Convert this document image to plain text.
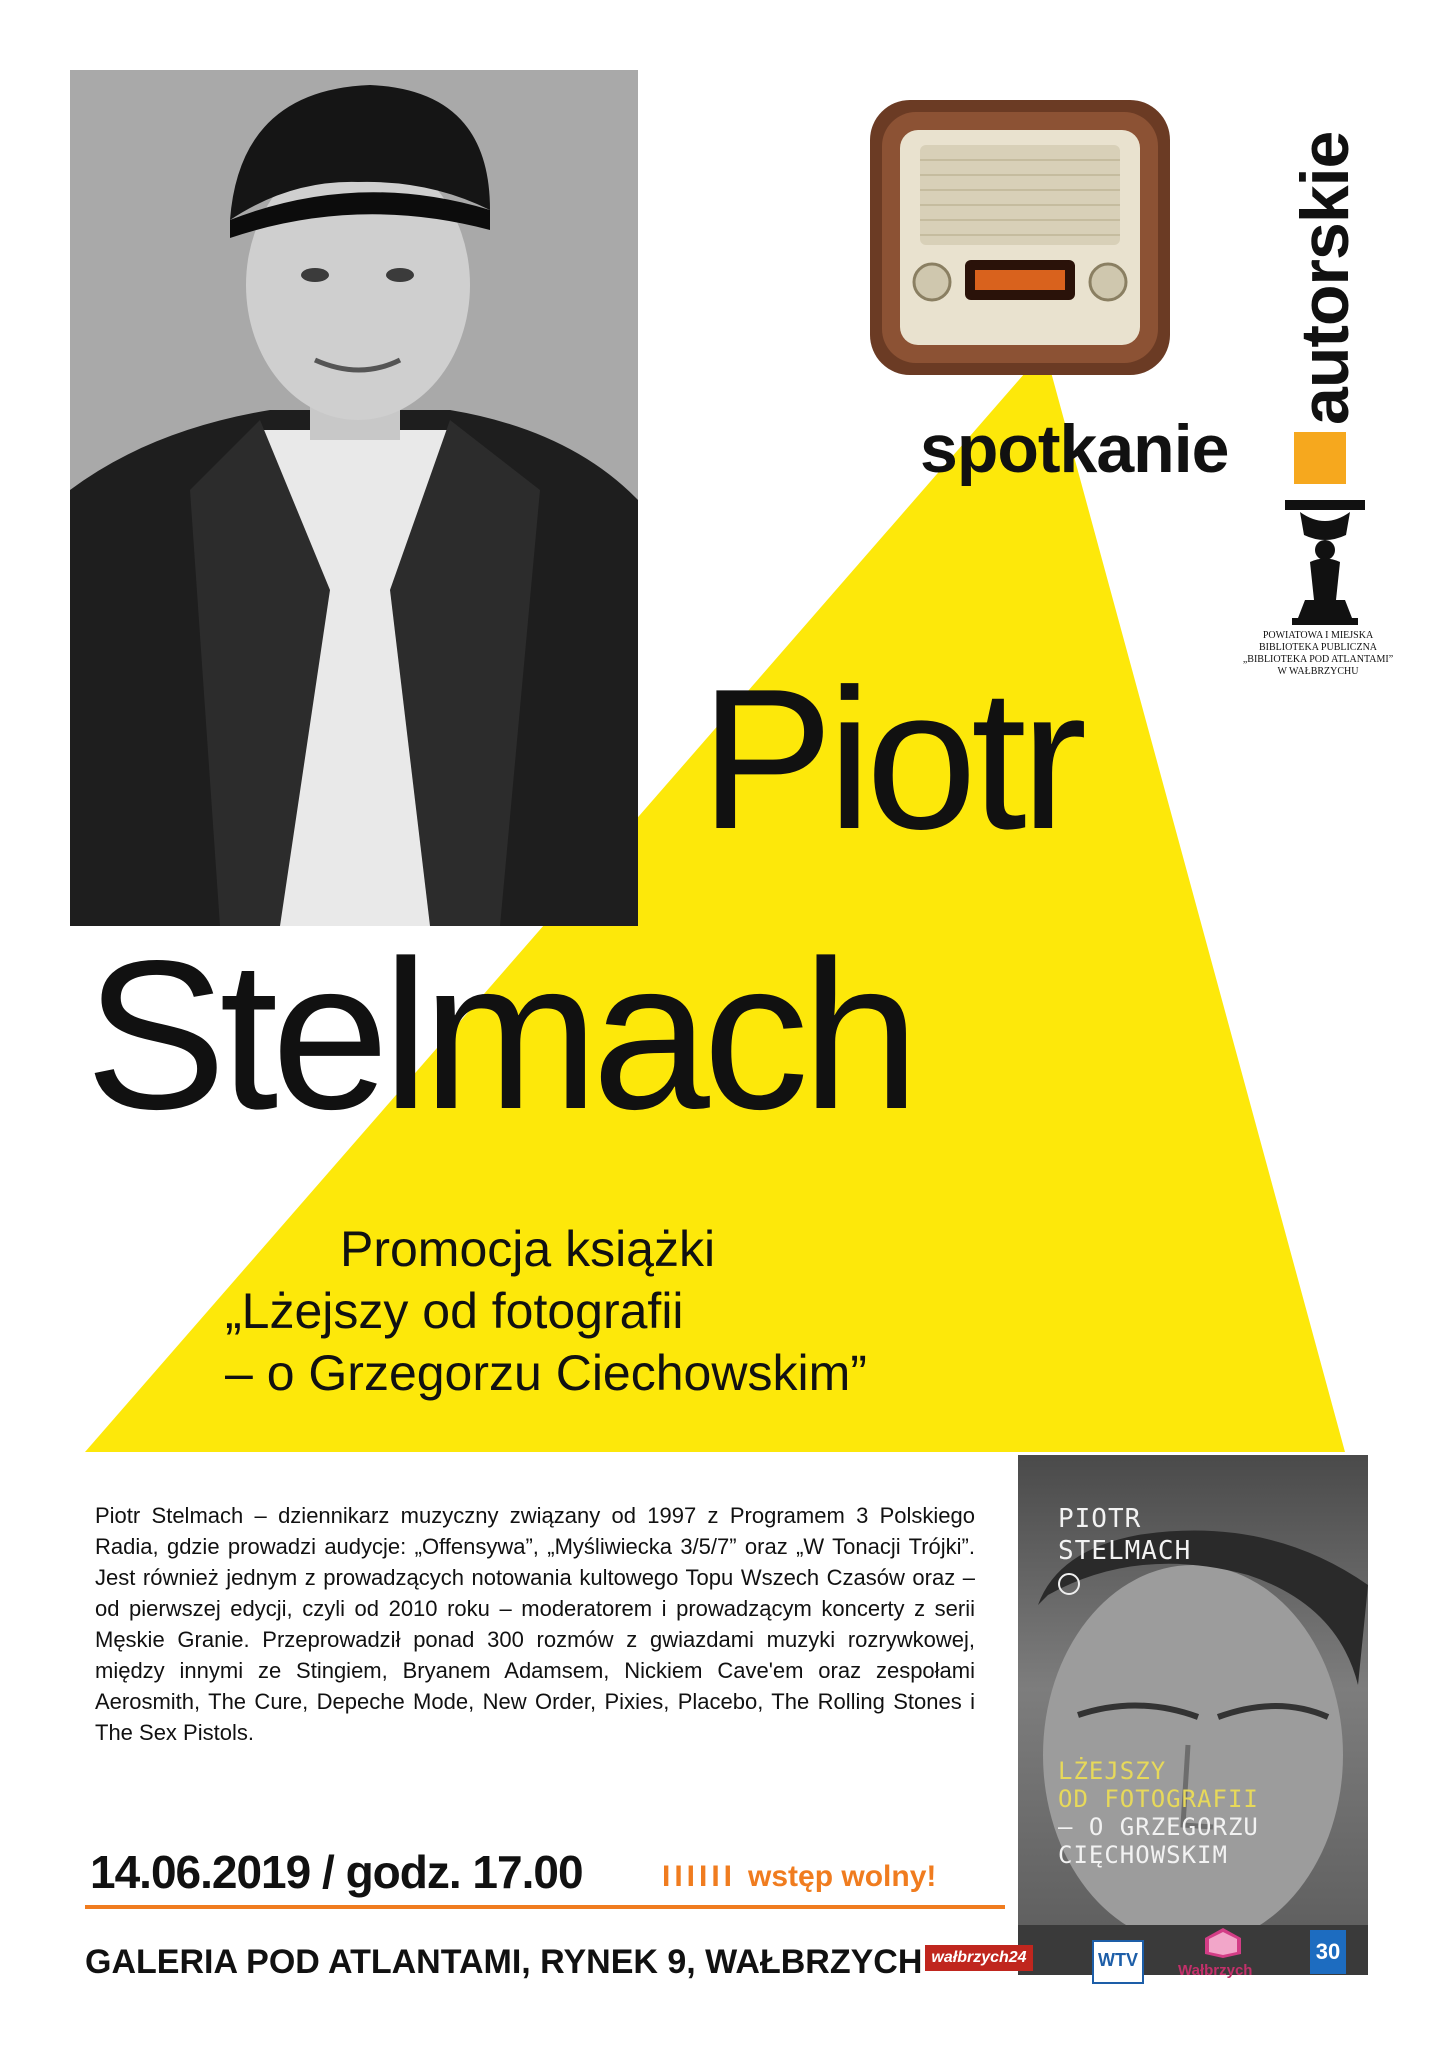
autorskie
spotkanie
POWIATOWA I MIEJSKA
BIBLIOTEKA PUBLICZNA
„BIBLIOTEKA POD ATLANTAMI”
W WAŁBRZYCHU
Piotr
Stelmach
Promocja książki
„Lżejszy od fotografii
– o Grzegorzu Ciechowskim”
Piotr Stelmach – dziennikarz muzyczny związany od 1997 z Programem 3 Polskiego Radia, gdzie prowadzi audycje: „Offensywa”, „Myśliwiecka 3/5/7” oraz „W Tonacji Trójki”. Jest również jednym z prowadzących notowania kultowego Topu Wszech Czasów oraz – od pierwszej edycji, czyli od 2010 roku – moderatorem i prowadzącym koncerty z serii Męskie Granie. Przeprowadził ponad 300 rozmów z gwiazdami muzyki rozrywkowej, między innymi ze Stingiem, Bryanem Adamsem, Nickiem Cave'em oraz zespołami Aerosmith, The Cure, Depeche Mode, New Order, Pixies, Placebo, The Rolling Stones i The Sex Pistols.
PIOTR
STELMACH
LŻEJSZY
OD FOTOGRAFII
– O GRZEGORZU
CIĘCHOWSKIM
14.06.2019 / godz. 17.00	IIIIII wstęp wolny!
GALERIA POD ATLANTAMI, RYNEK 9, WAŁBRZYCH wałbrzych24	WTV
Wałbrzych
30
